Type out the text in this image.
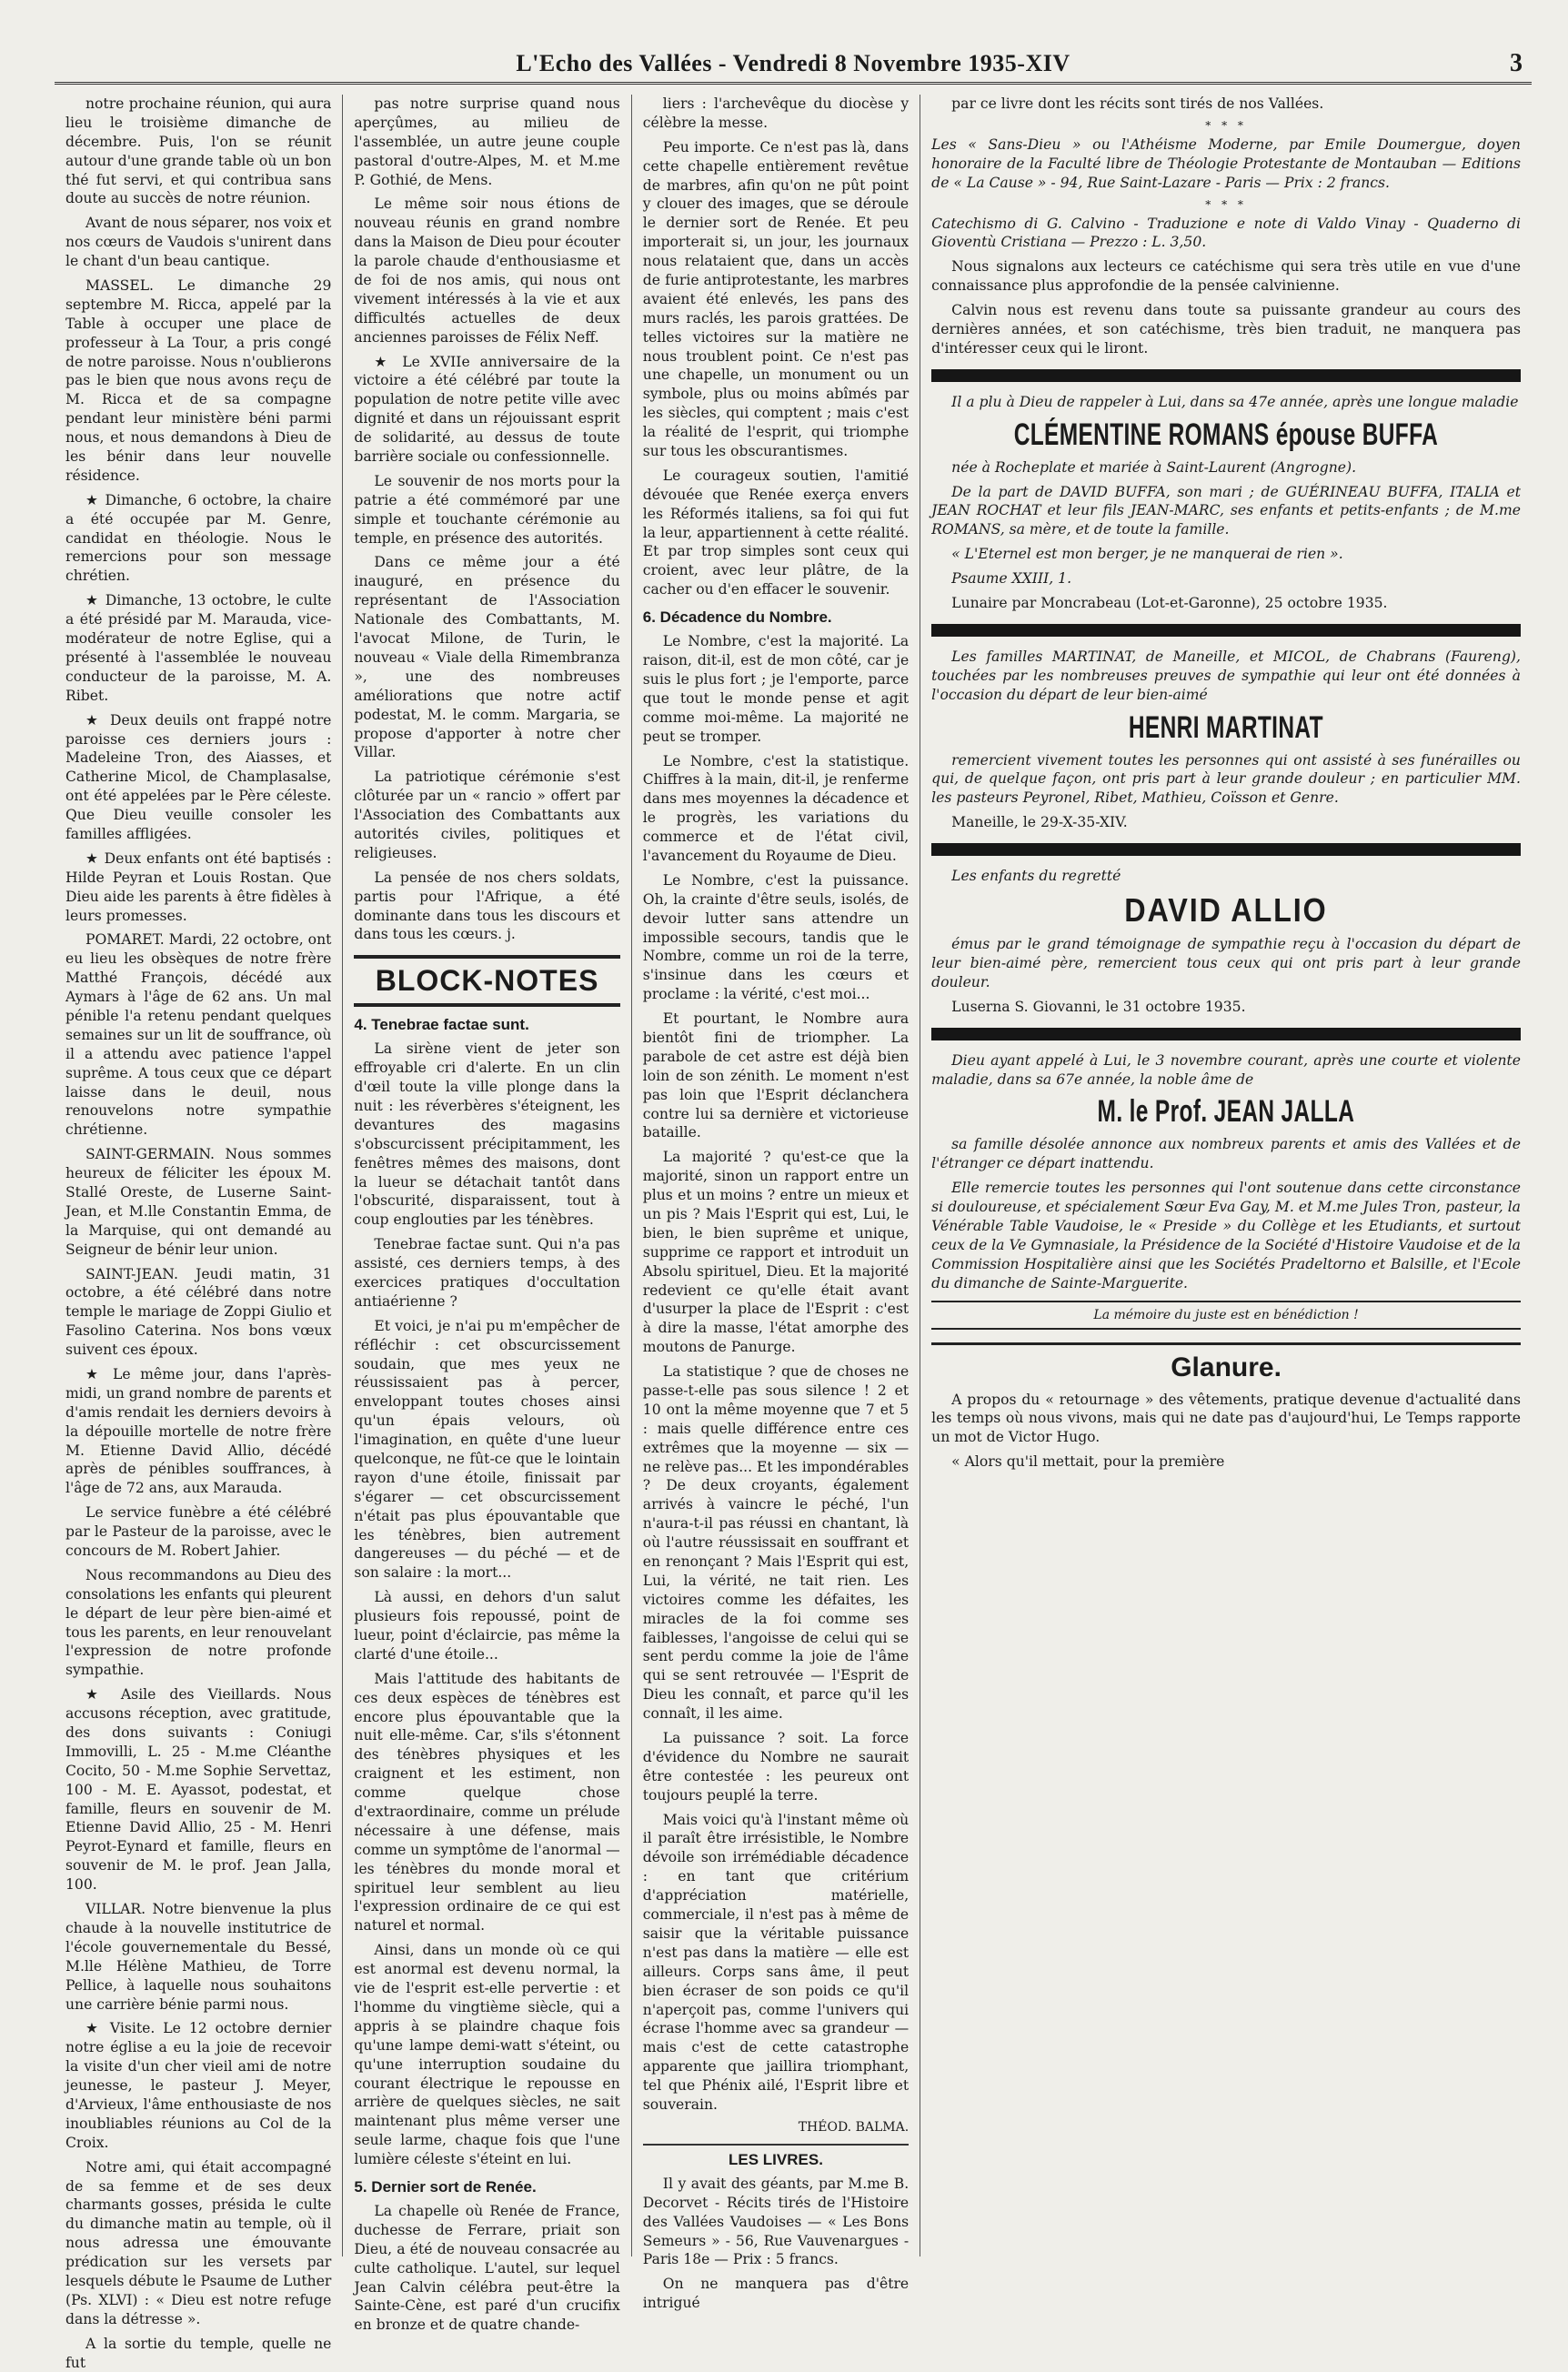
L'Echo des Vallées - Vendredi 8 Novembre 1935-XIV	3

notre prochaine réunion, qui aura lieu le troisième dimanche de décembre. Puis, l'on se réunit autour d'une grande table où un bon thé fut servi, et qui contribua sans doute au succès de notre réunion.

Avant de nous séparer, nos voix et nos cœurs de Vaudois s'unirent dans le chant d'un beau cantique.

MASSEL. Le dimanche 29 septembre M. Ricca, appelé par la Table à occuper une place de professeur à La Tour, a pris congé de notre paroisse. Nous n'oublierons pas le bien que nous avons reçu de M. Ricca et de sa compagne pendant leur ministère béni parmi nous, et nous demandons à Dieu de les bénir dans leur nouvelle résidence.

★ Dimanche, 6 octobre, la chaire a été occupée par M. Genre, candidat en théologie. Nous le remercions pour son message chrétien.

★ Dimanche, 13 octobre, le culte a été présidé par M. Marauda, vice-modérateur de notre Eglise, qui a présenté à l'assemblée le nouveau conducteur de la paroisse, M. A. Ribet.

★ Deux deuils ont frappé notre paroisse ces derniers jours : Madeleine Tron, des Aiasses, et Catherine Micol, de Champlasalse, ont été appelées par le Père céleste. Que Dieu veuille consoler les familles affligées.

★ Deux enfants ont été baptisés : Hilde Peyran et Louis Rostan. Que Dieu aide les parents à être fidèles à leurs promesses.

POMARET. Mardi, 22 octobre, ont eu lieu les obsèques de notre frère Matthé François, décédé aux Aymars à l'âge de 62 ans. Un mal pénible l'a retenu pendant quelques semaines sur un lit de souffrance, où il a attendu avec patience l'appel suprême. A tous ceux que ce départ laisse dans le deuil, nous renouvelons notre sympathie chrétienne.

SAINT-GERMAIN. Nous sommes heureux de féliciter les époux M. Stallé Oreste, de Luserne Saint-Jean, et M.lle Constantin Emma, de la Marquise, qui ont demandé au Seigneur de bénir leur union.

SAINT-JEAN. Jeudi matin, 31 octobre, a été célébré dans notre temple le mariage de Zoppi Giulio et Fasolino Caterina. Nos bons vœux suivent ces époux.

★ Le même jour, dans l'après-midi, un grand nombre de parents et d'amis rendait les derniers devoirs à la dépouille mortelle de notre frère M. Etienne David Allio, décédé après de pénibles souffrances, à l'âge de 72 ans, aux Marauda.

Le service funèbre a été célébré par le Pasteur de la paroisse, avec le concours de M. Robert Jahier.

Nous recommandons au Dieu des consolations les enfants qui pleurent le départ de leur père bien-aimé et tous les parents, en leur renouvelant l'expression de notre profonde sympathie.

★ Asile des Vieillards. Nous accusons réception, avec gratitude, des dons suivants : Coniugi Immovilli, L. 25 - M.me Cléanthe Cocito, 50 - M.me Sophie Servettaz, 100 - M. E. Ayassot, podestat, et famille, fleurs en souvenir de M. Etienne David Allio, 25 - M. Henri Peyrot-Eynard et famille, fleurs en souvenir de M. le prof. Jean Jalla, 100.

VILLAR. Notre bienvenue la plus chaude à la nouvelle institutrice de l'école gouvernementale du Bessé, M.lle Hélène Mathieu, de Torre Pellice, à laquelle nous souhaitons une carrière bénie parmi nous.

★ Visite. Le 12 octobre dernier notre église a eu la joie de recevoir la visite d'un cher vieil ami de notre jeunesse, le pasteur J. Meyer, d'Arvieux, l'âme enthousiaste de nos inoubliables réunions au Col de la Croix.

Notre ami, qui était accompagné de sa femme et de ses deux charmants gosses, présida le culte du dimanche matin au temple, où il nous adressa une émouvante prédication sur les versets par lesquels débute le Psaume de Luther (Ps. XLVI) : « Dieu est notre refuge dans la détresse ».

A la sortie du temple, quelle ne fut

pas notre surprise quand nous aperçûmes, au milieu de l'assemblée, un autre jeune couple pastoral d'outre-Alpes, M. et M.me P. Gothié, de Mens.

Le même soir nous étions de nouveau réunis en grand nombre dans la Maison de Dieu pour écouter la parole chaude d'enthousiasme et de foi de nos amis, qui nous ont vivement intéressés à la vie et aux difficultés actuelles de deux anciennes paroisses de Félix Neff.

★ Le XVIIe anniversaire de la victoire a été célébré par toute la population de notre petite ville avec dignité et dans un réjouissant esprit de solidarité, au dessus de toute barrière sociale ou confessionnelle.

Le souvenir de nos morts pour la patrie a été commémoré par une simple et touchante cérémonie au temple, en présence des autorités.

Dans ce même jour a été inauguré, en présence du représentant de l'Association Nationale des Combattants, M. l'avocat Milone, de Turin, le nouveau « Viale della Rimembranza », une des nombreuses améliorations que notre actif podestat, M. le comm. Margaria, se propose d'apporter à notre cher Villar.

La patriotique cérémonie s'est clôturée par un « rancio » offert par l'Association des Combattants aux autorités civiles, politiques et religieuses.

La pensée de nos chers soldats, partis pour l'Afrique, a été dominante dans tous les discours et dans tous les cœurs. j.

BLOCK-NOTES
4. Tenebrae factae sunt.

La sirène vient de jeter son effroyable cri d'alerte. En un clin d'œil toute la ville plonge dans la nuit : les réverbères s'éteignent, les devantures des magasins s'obscurcissent précipitamment, les fenêtres mêmes des maisons, dont la lueur se détachait tantôt dans l'obscurité, disparaissent, tout à coup englouties par les ténèbres.

Tenebrae factae sunt. Qui n'a pas assisté, ces derniers temps, à des exercices pratiques d'occultation antiaérienne ?

Et voici, je n'ai pu m'empêcher de réfléchir : cet obscurcissement soudain, que mes yeux ne réussissaient pas à percer, enveloppant toutes choses ainsi qu'un épais velours, où l'imagination, en quête d'une lueur quelconque, ne fût-ce que le lointain rayon d'une étoile, finissait par s'égarer — cet obscurcissement n'était pas plus épouvantable que les ténèbres, bien autrement dangereuses — du péché — et de son salaire : la mort...

Là aussi, en dehors d'un salut plusieurs fois repoussé, point de lueur, point d'éclaircie, pas même la clarté d'une étoile...

Mais l'attitude des habitants de ces deux espèces de ténèbres est encore plus épouvantable que la nuit elle-même. Car, s'ils s'étonnent des ténèbres physiques et les craignent et les estiment, non comme quelque chose d'extraordinaire, comme un prélude nécessaire à une défense, mais comme un symptôme de l'anormal — les ténèbres du monde moral et spirituel leur semblent au lieu l'expression ordinaire de ce qui est naturel et normal.

Ainsi, dans un monde où ce qui est anormal est devenu normal, la vie de l'esprit est-elle pervertie : et l'homme du vingtième siècle, qui a appris à se plaindre chaque fois qu'une lampe demi-watt s'éteint, ou qu'une interruption soudaine du courant électrique le repousse en arrière de quelques siècles, ne sait maintenant plus même verser une seule larme, chaque fois que l'une lumière céleste s'éteint en lui.

5. Dernier sort de Renée.

La chapelle où Renée de France, duchesse de Ferrare, priait son Dieu, a été de nouveau consacrée au culte catholique. L'autel, sur lequel Jean Calvin célébra peut-être la Sainte-Cène, est paré d'un crucifix en bronze et de quatre chande-

liers : l'archevêque du diocèse y célèbre la messe.

Peu importe. Ce n'est pas là, dans cette chapelle entièrement revêtue de marbres, afin qu'on ne pût point y clouer des images, que se déroule le dernier sort de Renée. Et peu importerait si, un jour, les journaux nous relataient que, dans un accès de furie antiprotestante, les marbres avaient été enlevés, les pans des murs raclés, les parois grattées. De telles victoires sur la matière ne nous troublent point. Ce n'est pas une chapelle, un monument ou un symbole, plus ou moins abîmés par les siècles, qui comptent ; mais c'est la réalité de l'esprit, qui triomphe sur tous les obscurantismes.

Le courageux soutien, l'amitié dévouée que Renée exerça envers les Réformés italiens, sa foi qui fut la leur, appartiennent à cette réalité. Et par trop simples sont ceux qui croient, avec leur plâtre, de la cacher ou d'en effacer le souvenir.

6. Décadence du Nombre.

Le Nombre, c'est la majorité. La raison, dit-il, est de mon côté, car je suis le plus fort ; je l'emporte, parce que tout le monde pense et agit comme moi-même. La majorité ne peut se tromper.

Le Nombre, c'est la statistique. Chiffres à la main, dit-il, je renferme dans mes moyennes la décadence et le progrès, les variations du commerce et de l'état civil, l'avancement du Royaume de Dieu.

Le Nombre, c'est la puissance. Oh, la crainte d'être seuls, isolés, de devoir lutter sans attendre un impossible secours, tandis que le Nombre, comme un roi de la terre, s'insinue dans les cœurs et proclame : la vérité, c'est moi...

Et pourtant, le Nombre aura bientôt fini de triompher. La parabole de cet astre est déjà bien loin de son zénith. Le moment n'est pas loin que l'Esprit déclanchera contre lui sa dernière et victorieuse bataille.

La majorité ? qu'est-ce que la majorité, sinon un rapport entre un plus et un moins ? entre un mieux et un pis ? Mais l'Esprit qui est, Lui, le bien, le bien suprême et unique, supprime ce rapport et introduit un Absolu spirituel, Dieu. Et la majorité redevient ce qu'elle était avant d'usurper la place de l'Esprit : c'est à dire la masse, l'état amorphe des moutons de Panurge.

La statistique ? que de choses ne passe-t-elle pas sous silence ! 2 et 10 ont la même moyenne que 7 et 5 : mais quelle différence entre ces extrêmes que la moyenne — six — ne relève pas... Et les impondérables ? De deux croyants, également arrivés à vaincre le péché, l'un n'aura-t-il pas réussi en chantant, là où l'autre réussissait en souffrant et en renonçant ? Mais l'Esprit qui est, Lui, la vérité, ne tait rien. Les victoires comme les défaites, les miracles de la foi comme ses faiblesses, l'angoisse de celui qui se sent perdu comme la joie de l'âme qui se sent retrouvée — l'Esprit de Dieu les connaît, et parce qu'il les connaît, il les aime.

La puissance ? soit. La force d'évidence du Nombre ne saurait être contestée : les peureux ont toujours peuplé la terre.

Mais voici qu'à l'instant même où il paraît être irrésistible, le Nombre dévoile son irrémédiable décadence : en tant que critérium d'appréciation matérielle, commerciale, il n'est pas à même de saisir que la véritable puissance n'est pas dans la matière — elle est ailleurs. Corps sans âme, il peut bien écraser de son poids ce qu'il n'aperçoit pas, comme l'univers qui écrase l'homme avec sa grandeur — mais c'est de cette catastrophe apparente que jaillira triomphant, tel que Phénix ailé, l'Esprit libre et souverain.

THÉOD. BALMA.
LES LIVRES.

Il y avait des géants, par M.me B. Decorvet - Récits tirés de l'Histoire des Vallées Vaudoises — « Les Bons Semeurs » - 56, Rue Vauvenargues - Paris 18e — Prix : 5 francs.

On ne manquera pas d'être intrigué

par ce livre dont les récits sont tirés de nos Vallées.

* * *

Les « Sans-Dieu » ou l'Athéisme Moderne, par Emile Doumergue, doyen honoraire de la Faculté libre de Théologie Protestante de Montauban — Editions de « La Cause » - 94, Rue Saint-Lazare - Paris — Prix : 2 francs.

* * *

Catechismo di G. Calvino - Traduzione e note di Valdo Vinay - Quaderno di Gioventù Cristiana — Prezzo : L. 3,50.

Nous signalons aux lecteurs ce catéchisme qui sera très utile en vue d'une connaissance plus approfondie de la pensée calvinienne.

Calvin nous est revenu dans toute sa puissante grandeur au cours des dernières années, et son catéchisme, très bien traduit, ne manquera pas d'intéresser ceux qui le liront.

Il a plu à Dieu de rappeler à Lui, dans sa 47e année, après une longue maladie

CLÉMENTINE ROMANS épouse BUFFA

née à Rocheplate et mariée à Saint-Laurent (Angrogne).

De la part de DAVID BUFFA, son mari ; de GUÉRINEAU BUFFA, ITALIA et JEAN ROCHAT et leur fils JEAN-MARC, ses enfants et petits-enfants ; de M.me ROMANS, sa mère, et de toute la famille.

« L'Eternel est mon berger, je ne manquerai de rien ».

Psaume XXIII, 1.

Lunaire par Moncrabeau (Lot-et-Garonne), 25 octobre 1935.

Les familles MARTINAT, de Maneille, et MICOL, de Chabrans (Faureng), touchées par les nombreuses preuves de sympathie qui leur ont été données à l'occasion du départ de leur bien-aimé

HENRI MARTINAT

remercient vivement toutes les personnes qui ont assisté à ses funérailles ou qui, de quelque façon, ont pris part à leur grande douleur ; en particulier MM. les pasteurs Peyronel, Ribet, Mathieu, Coïsson et Genre.

Maneille, le 29-X-35-XIV.

Les enfants du regretté

DAVID ALLIO

émus par le grand témoignage de sympathie reçu à l'occasion du départ de leur bien-aimé père, remercient tous ceux qui ont pris part à leur grande douleur.

Luserna S. Giovanni, le 31 octobre 1935.

Dieu ayant appelé à Lui, le 3 novembre courant, après une courte et violente maladie, dans sa 67e année, la noble âme de

M. le Prof. JEAN JALLA

sa famille désolée annonce aux nombreux parents et amis des Vallées et de l'étranger ce départ inattendu.

Elle remercie toutes les personnes qui l'ont soutenue dans cette circonstance si douloureuse, et spécialement Sœur Eva Gay, M. et M.me Jules Tron, pasteur, la Vénérable Table Vaudoise, le « Preside » du Collège et les Etudiants, et surtout ceux de la Ve Gymnasiale, la Présidence de la Société d'Histoire Vaudoise et de la Commission Hospitalière ainsi que les Sociétés Pradeltorno et Balsille, et l'Ecole du dimanche de Sainte-Marguerite.

La mémoire du juste est en bénédiction !
Glanure.

A propos du « retournage » des vêtements, pratique devenue d'actualité dans les temps où nous vivons, mais qui ne date pas d'aujourd'hui, Le Temps rapporte un mot de Victor Hugo.

« Alors qu'il mettait, pour la première
